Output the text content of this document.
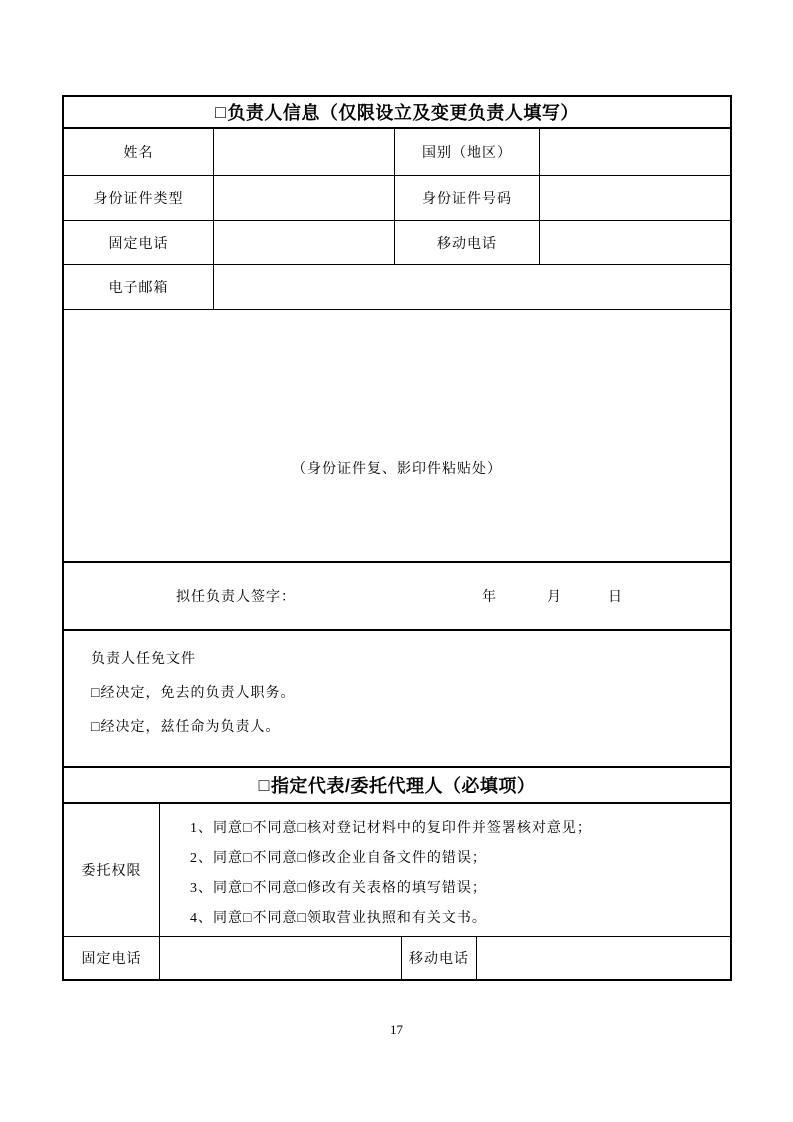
□ 负责人信息（仅限设立及变更负责人填写）
姓名	国别（地区）
身份证件类型	身份证件号码
固定电话	移动电话
电子邮箱
（身份证件复、影印件粘贴处）
拟任负责人签字：	年	月	日
负责人任免文件
□经决定，免去的负责人职务。
□经决定，兹任命为负责人。
□ 指定代表/委托代理人（必填项）
委托权限
1、同意□不同意□核对登记材料中的复印件并签署核对意见；
2、同意□不同意□修改企业自备文件的错误；
3、同意□不同意□修改有关表格的填写错误；
4、同意□不同意□领取营业执照和有关文书。
固定电话	移动电话
17
